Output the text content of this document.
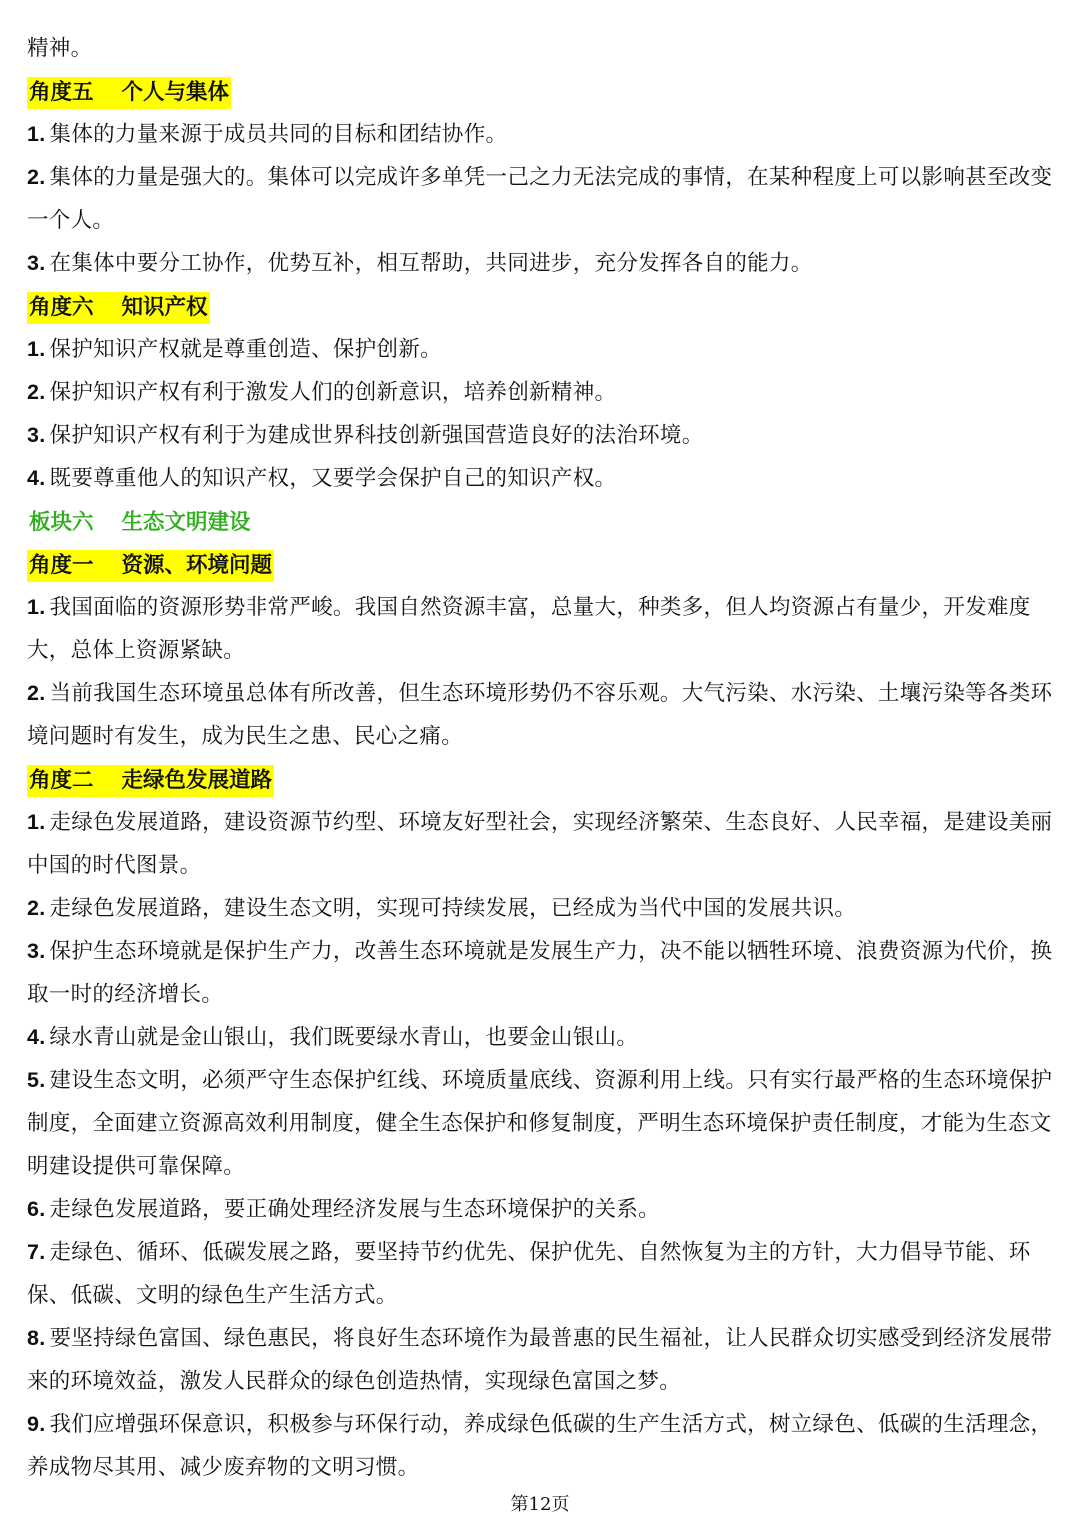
精神。

角度五 个人与集体

1. 集体的力量来源于成员共同的目标和团结协作。

2. 集体的力量是强大的。集体可以完成许多单凭一己之力无法完成的事情，在某种程度上可以影响甚至改变一个人。

3. 在集体中要分工协作，优势互补，相互帮助，共同进步，充分发挥各自的能力。

角度六 知识产权

1. 保护知识产权就是尊重创造、保护创新。

2. 保护知识产权有利于激发人们的创新意识，培养创新精神。

3. 保护知识产权有利于为建成世界科技创新强国营造良好的法治环境。

4. 既要尊重他人的知识产权，又要学会保护自己的知识产权。

板块六 生态文明建设
角度一 资源、环境问题

1. 我国面临的资源形势非常严峻。我国自然资源丰富，总量大，种类多，但人均资源占有量少，开发难度大，总体上资源紧缺。

2. 当前我国生态环境虽总体有所改善，但生态环境形势仍不容乐观。大气污染、水污染、土壤污染等各类环境问题时有发生，成为民生之患、民心之痛。

角度二 走绿色发展道路

1. 走绿色发展道路，建设资源节约型、环境友好型社会，实现经济繁荣、生态良好、人民幸福，是建设美丽中国的时代图景。

2. 走绿色发展道路，建设生态文明，实现可持续发展，已经成为当代中国的发展共识。

3. 保护生态环境就是保护生产力，改善生态环境就是发展生产力，决不能以牺牲环境、浪费资源为代价，换取一时的经济增长。

4. 绿水青山就是金山银山，我们既要绿水青山，也要金山银山。

5. 建设生态文明，必须严守生态保护红线、环境质量底线、资源利用上线。只有实行最严格的生态环境保护制度，全面建立资源高效利用制度，健全生态保护和修复制度，严明生态环境保护责任制度，才能为生态文明建设提供可靠保障。

6. 走绿色发展道路，要正确处理经济发展与生态环境保护的关系。

7. 走绿色、循环、低碳发展之路，要坚持节约优先、保护优先、自然恢复为主的方针，大力倡导节能、环保、低碳、文明的绿色生产生活方式。

8. 要坚持绿色富国、绿色惠民，将良好生态环境作为最普惠的民生福祉，让人民群众切实感受到经济发展带来的环境效益，激发人民群众的绿色创造热情，实现绿色富国之梦。

9. 我们应增强环保意识，积极参与环保行动，养成绿色低碳的生产生活方式，树立绿色、低碳的生活理念，养成物尽其用、减少废弃物的文明习惯。

第12页
